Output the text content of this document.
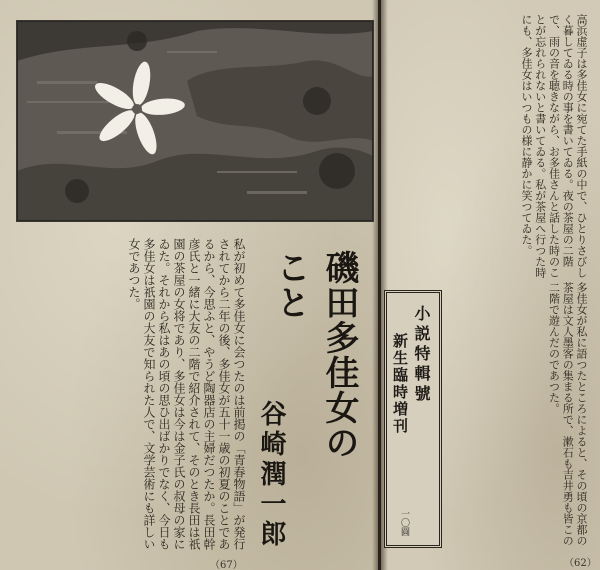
磯田多佳女のこと
谷崎潤一郎
私が初めて多佳女に会つたのは前掲の「青春物語」が発行されてから二年の後、多佳女が五十一歳の初夏のことであるから、今思ふと、やうど陶器店の主婦だつたか。長田幹彦氏と一緒に大友の二階で紹介されて、そのとき長田は祇園の茶屋の女将であり、多佳女は今は金子氏の叔母の家にゐた。それから私はあの頃の思ひ出ばかりでなく、今日も多佳女は祇園の大友で知られた人で、文学芸術にも詳しい女であつた。	高浜虚子は多佳女に宛てた手紙の中で、ひとりさびしく暮してゐる時の事を書いてゐる。夜の茶屋の二階で、雨の音を聴きながら、お多佳さんと話した時のことが忘れられないと書いてゐる。私が茶屋へ行つた時にも、多佳女はいつもの様に静かに笑つてゐた。
多佳女が私に語つたところによると、その頃の京都の茶屋は文人墨客の集まる所で、漱石も吉井勇も皆この二階で遊んだのであつた。
小説特輯號
新生臨時増刊
一〇圓
（67）	（62）
